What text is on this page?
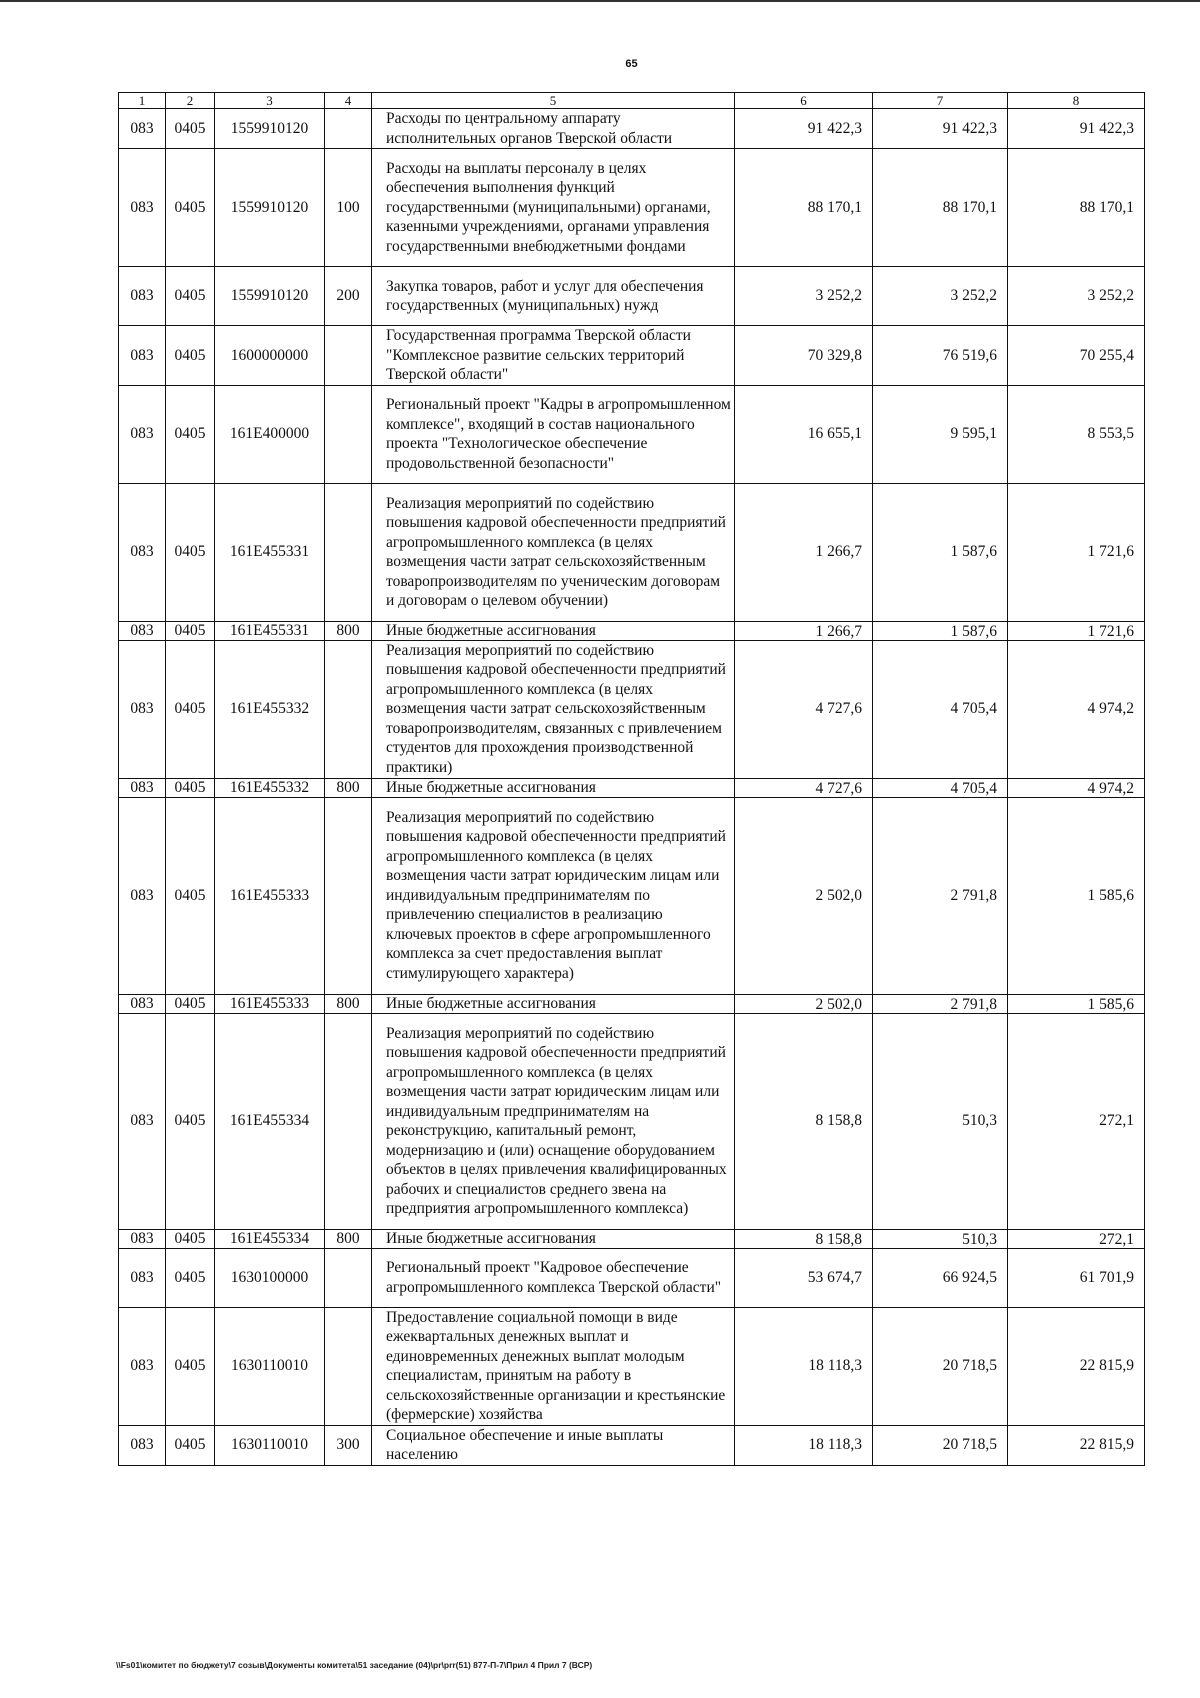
65
1	2	3	4	5	6	7	8
083	0405	1559910120		Расходы по центральному аппарату исполнительных органов Тверской области	91 422,3	91 422,3	91 422,3
083	0405	1559910120	100	Расходы на выплаты персоналу в целях обеспечения выполнения функций государственными (муниципальными) органами, казенными учреждениями, органами управления государственными внебюджетными фондами	88 170,1	88 170,1	88 170,1
083	0405	1559910120	200	Закупка товаров, работ и услуг для обеспечения государственных (муниципальных) нужд	3 252,2	3 252,2	3 252,2
083	0405	1600000000		Государственная программа Тверской области "Комплексное развитие сельских территорий Тверской области"	70 329,8	76 519,6	70 255,4
083	0405	161E400000		Региональный проект "Кадры в агропромышленном комплексе", входящий в состав национального проекта "Технологическое обеспечение продовольственной безопасности"	16 655,1	9 595,1	8 553,5
083	0405	161E455331		Реализация мероприятий по содействию повышения кадровой обеспеченности предприятий агропромышленного комплекса (в целях возмещения части затрат сельскохозяйственным товаропроизводителям по ученическим договорам и договорам о целевом обучении)	1 266,7	1 587,6	1 721,6
083	0405	161E455331	800	Иные бюджетные ассигнования	1 266,7	1 587,6	1 721,6
083	0405	161E455332		Реализация мероприятий по содействию повышения кадровой обеспеченности предприятий агропромышленного комплекса (в целях возмещения части затрат сельскохозяйственным товаропроизводителям, связанных с привлечением студентов для прохождения производственной практики)	4 727,6	4 705,4	4 974,2
083	0405	161E455332	800	Иные бюджетные ассигнования	4 727,6	4 705,4	4 974,2
083	0405	161E455333		Реализация мероприятий по содействию повышения кадровой обеспеченности предприятий агропромышленного комплекса (в целях возмещения части затрат юридическим лицам или индивидуальным предпринимателям по привлечению специалистов в реализацию ключевых проектов в сфере агропромышленного комплекса за счет предоставления выплат стимулирующего характера)	2 502,0	2 791,8	1 585,6
083	0405	161E455333	800	Иные бюджетные ассигнования	2 502,0	2 791,8	1 585,6
083	0405	161E455334		Реализация мероприятий по содействию повышения кадровой обеспеченности предприятий агропромышленного комплекса (в целях возмещения части затрат юридическим лицам или индивидуальным предпринимателям на реконструкцию, капитальный ремонт, модернизацию и (или) оснащение оборудованием объектов в целях привлечения квалифицированных рабочих и специалистов среднего звена на предприятия агропромышленного комплекса)	8 158,8	510,3	272,1
083	0405	161E455334	800	Иные бюджетные ассигнования	8 158,8	510,3	272,1
083	0405	1630100000		Региональный проект "Кадровое обеспечение агропромышленного комплекса Тверской области"	53 674,7	66 924,5	61 701,9
083	0405	1630110010		Предоставление социальной помощи в виде ежеквартальных денежных выплат и единовременных денежных выплат молодым специалистам, принятым на работу в сельскохозяйственные организации и крестьянские (фермерские) хозяйства	18 118,3	20 718,5	22 815,9
083	0405	1630110010	300	Социальное обеспечение и иные выплаты населению	18 118,3	20 718,5	22 815,9
\\Fs01\комитет по бюджету\7 созыв\Документы комитета\51 заседание (04)\pr\prr(51) 877-П-7\Прил 4 Прил 7 (ВСР)
